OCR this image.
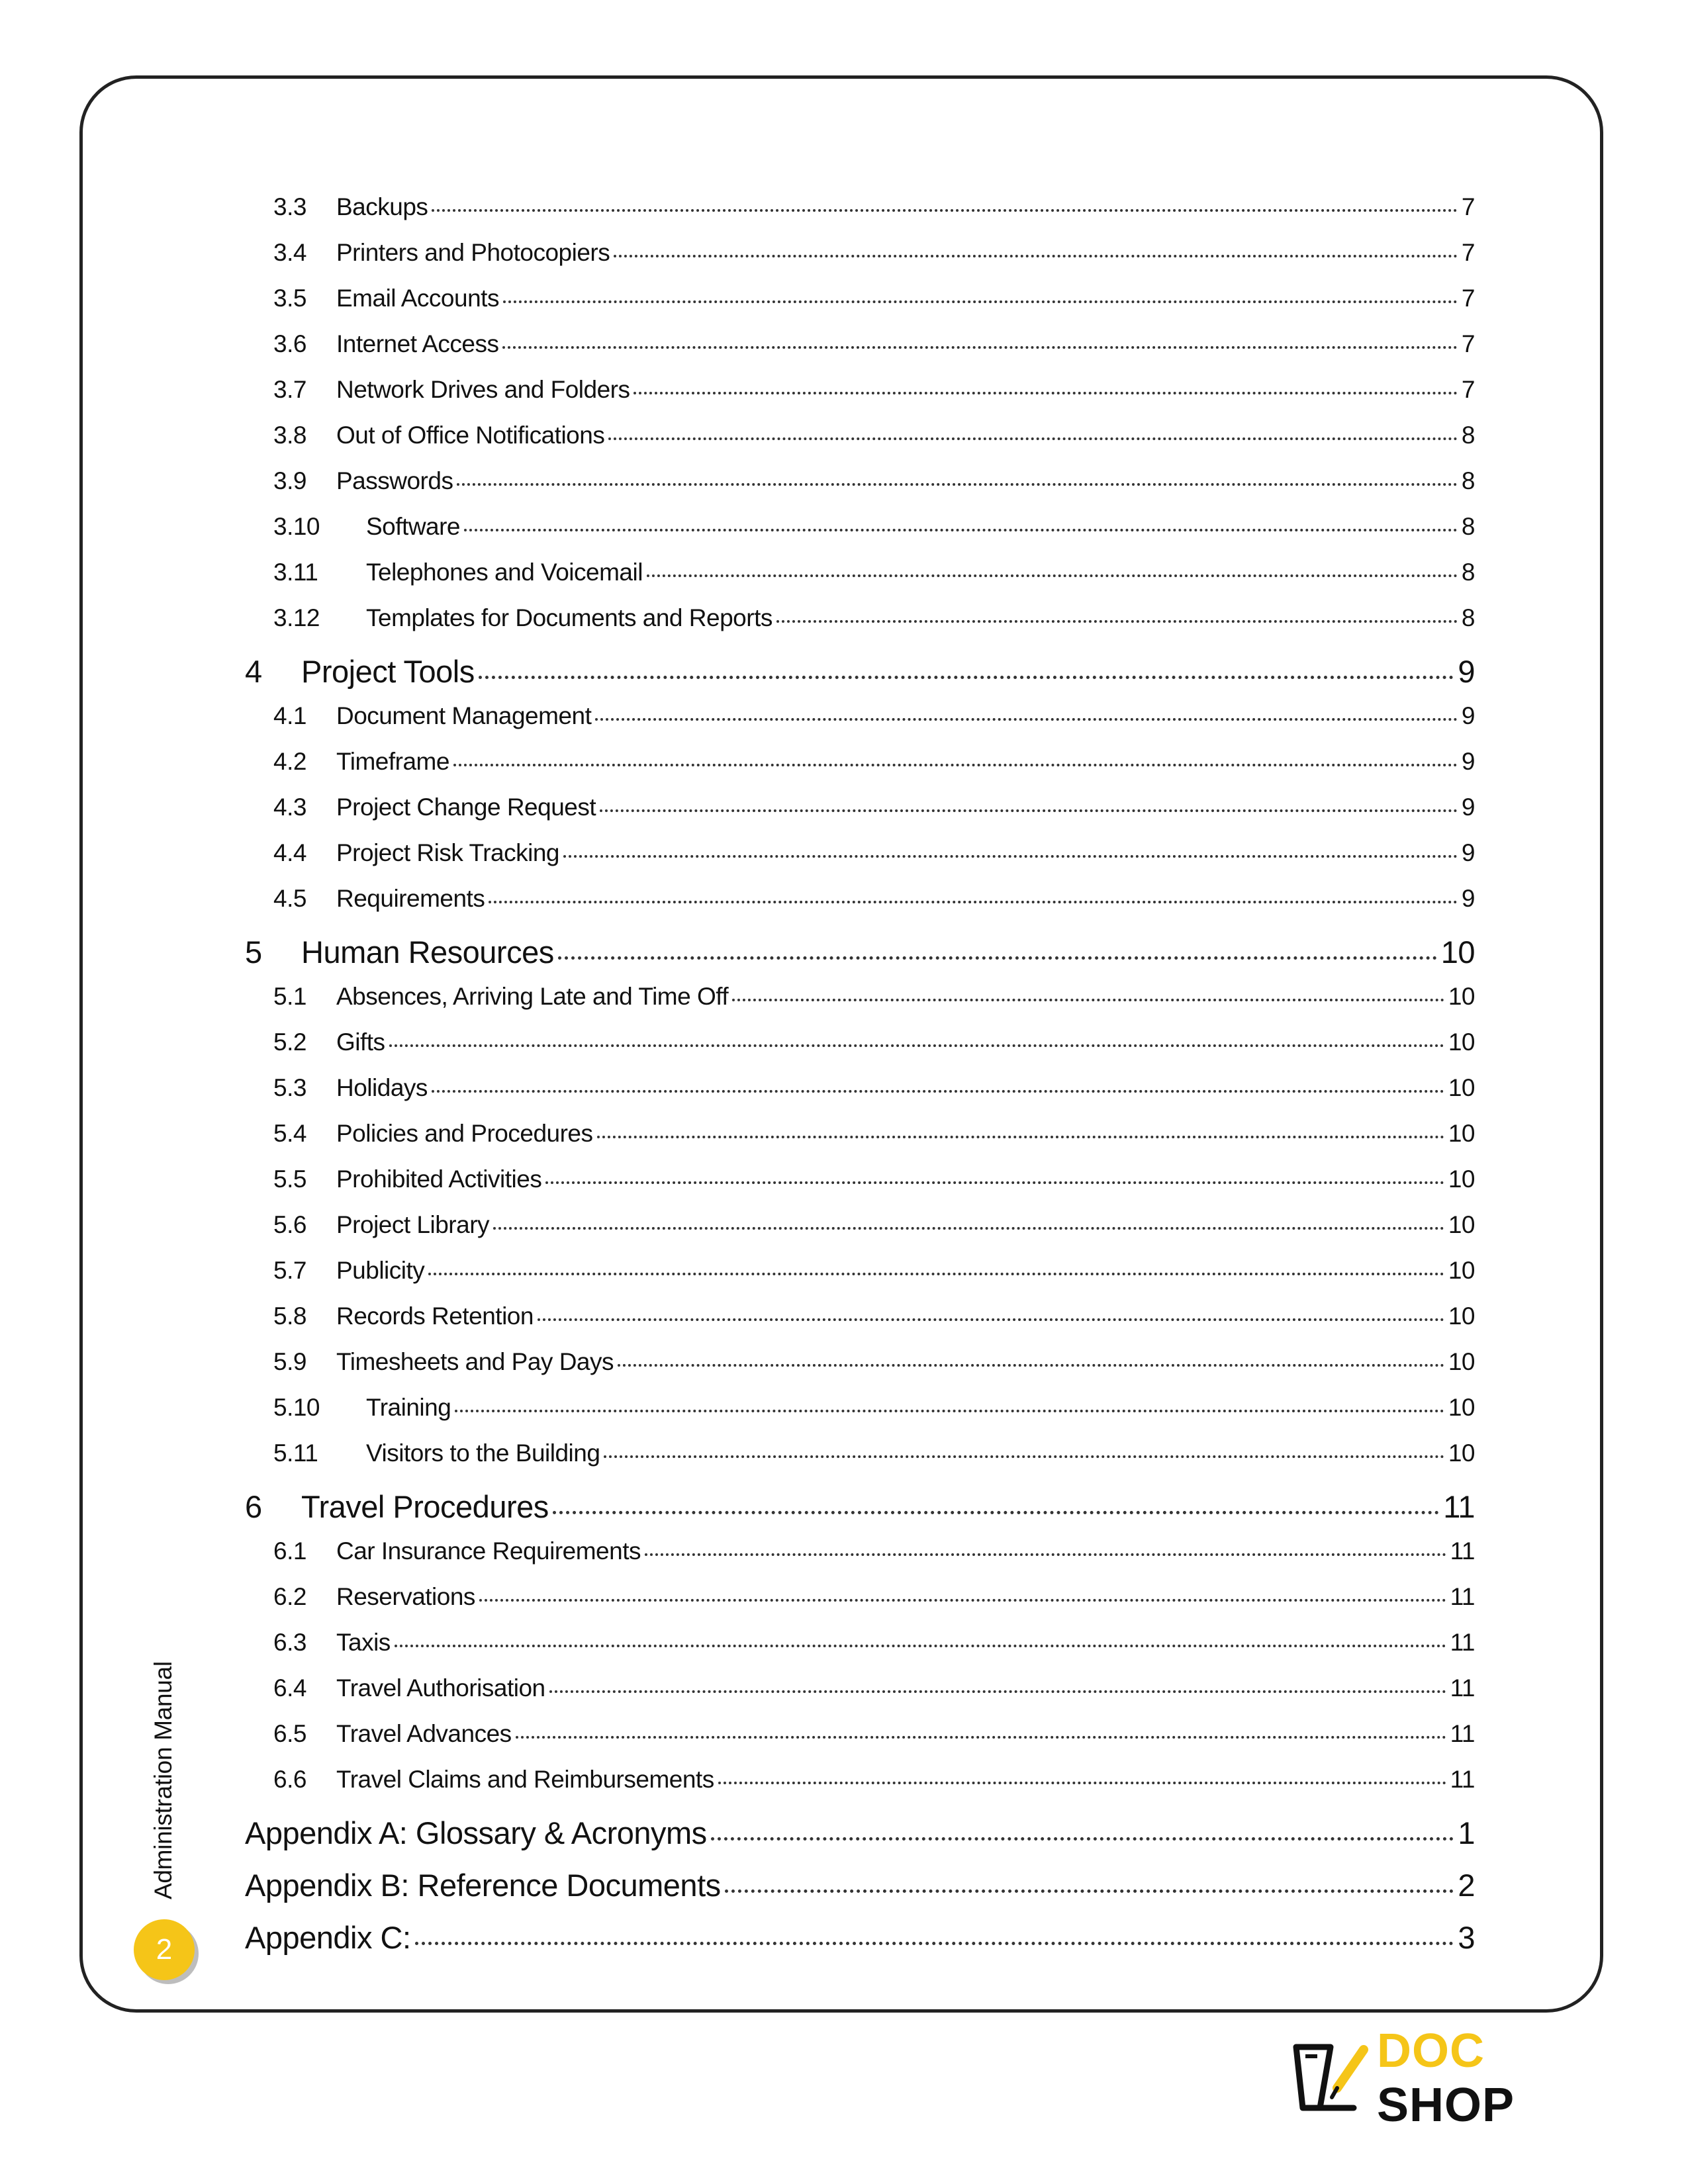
3.3	Backups	7
3.4	Printers and Photocopiers	7
3.5	Email Accounts	7
3.6	Internet Access	7
3.7	Network Drives and Folders	7
3.8	Out of Office Notifications	8
3.9	Passwords	8
3.10	Software	8
3.11	Telephones and Voicemail	8
3.12	Templates for Documents and Reports	8
4	Project Tools	9
4.1	Document Management	9
4.2	Timeframe	9
4.3	Project Change Request	9
4.4	Project Risk Tracking	9
4.5	Requirements	9
5	Human Resources	10
5.1	Absences, Arriving Late and Time Off	10
5.2	Gifts	10
5.3	Holidays	10
5.4	Policies and Procedures	10
5.5	Prohibited Activities	10
5.6	Project Library	10
5.7	Publicity	10
5.8	Records Retention	10
5.9	Timesheets and Pay Days	10
5.10	Training	10
5.11	Visitors to the Building	10
6	Travel Procedures	11
6.1	Car Insurance Requirements	11
6.2	Reservations	11
6.3	Taxis	11
6.4	Travel Authorisation	11
6.5	Travel Advances	11
6.6	Travel Claims and Reimbursements	11
Appendix A: Glossary & Acronyms	1
Appendix B: Reference Documents	2
Appendix C:	3
Administration Manual
2
DOC SHOP
